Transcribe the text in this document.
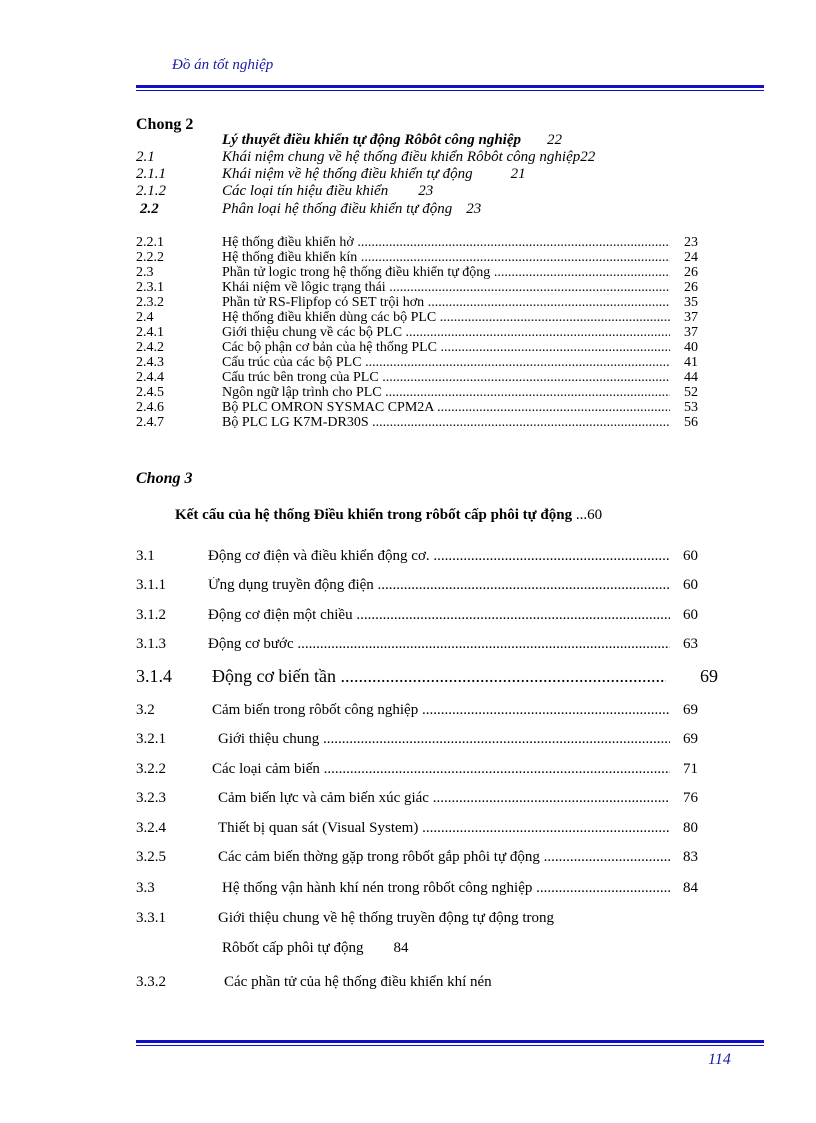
Đồ án tốt nghiệp
Chong 2
Lý thuyết điều khiển tự động Rôbôt công nghiệp 22
2.1	Khái niệm chung về hệ thống điều khiển Rôbôt công nghiệp22
2.1.1	Khái niệm về hệ thống điều khiển tự động	21
2.1.2	Các loại tín hiệu điều khiển 23
2.2	Phân loại hệ thống điều khiển tự động 23
2.2.1	Hệ thống điều khiển hở .....	23
2.2.2	Hệ thống điều khiển kín .....	24
2.3	Phần tử logic trong hệ thống điều khiển tự động .....	26
2.3.1	Khái niệm về lôgic trạng thái .....	26
2.3.2	Phần tử RS-Flipfop có SET trội hơn .....	35
2.4	Hệ thống điều khiển dùng các bộ PLC .....	37
2.4.1	Giới thiệu chung về các bộ PLC .....	37
2.4.2	Các bộ phận cơ bản của hệ thống PLC .....	40
2.4.3	Cấu trúc của các bộ PLC .....	41
2.4.4	Cấu trúc bên trong của PLC .....	44
2.4.5	Ngôn ngữ lập trình cho PLC .....	52
2.4.6	Bộ PLC OMRON SYSMAC CPM2A .....	53
2.4.7	Bộ PLC LG K7M-DR30S .....	56
Chong 3
Kết cấu của hệ thống Điều khiển trong rôbốt cấp phôi tự động ...60
3.1	Động cơ điện và điều khiển động cơ. .....	60
3.1.1	Ứng dụng truyền động điện .....	60
3.1.2	Động cơ điện một chiều .....	60
3.1.3	Động cơ bước .....	63
3.1.4 Động cơ biến tần .....	69
3.2	Cảm biến trong rôbốt công nghiệp .....	69
3.2.1	Giới thiệu chung .....	69
3.2.2	Các loại cảm biến .....	71
3.2.3	Cảm biến lực và cảm biến xúc giác .....	76
3.2.4	Thiết bị quan sát (Visual System) .....	80
3.2.5	Các cảm biến thờng gặp trong rôbốt gắp phôi tự động .....	83
3.3	Hệ thống vận hành khí nén trong rôbốt công nghiệp .....	84
3.3.1	Giới thiệu chung về hệ thống truyền động tự động trong
Rôbốt cấp phôi tự động 84
3.3.2	Các phần tử của hệ thống điều khiển khí nén
114
